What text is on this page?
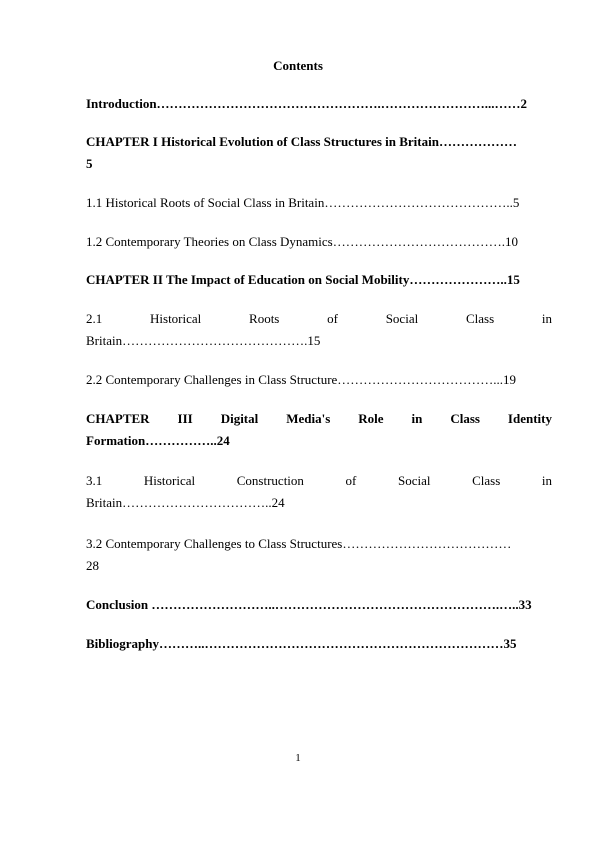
Contents
Introduction…………………………………………….……………………...……2
CHAPTER I Historical Evolution of Class Structures in Britain………………
5
1.1 Historical Roots of Social Class in Britain……………………………………..5
1.2 Contemporary Theories on Class Dynamics………………………………….10
CHAPTER II The Impact of Education on Social Mobility…………………..15
2.1 Historical Roots of Social Class in
Britain…………………………………….15
2.2 Contemporary Challenges in Class Structure………………………………...19
CHAPTER III Digital Media's Role in Class Identity
Formation……………..24
3.1 Historical Construction of Social Class in
Britain……………………………..24
3.2 Contemporary Challenges to Class Structures…………………………………
28
Conclusion ………………………..…………………………………………….…..33
Bibliography………..……………………………………………………………35
1
